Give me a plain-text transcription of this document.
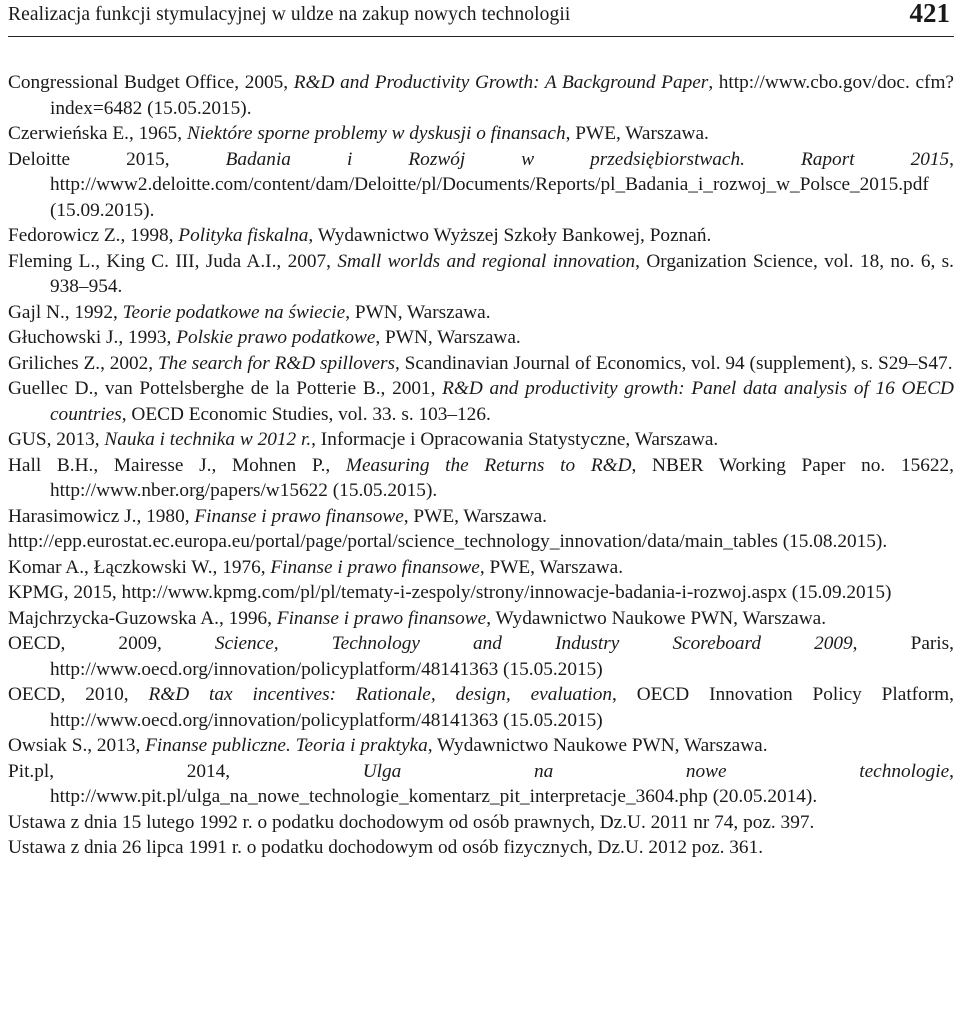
Realizacja funkcji stymulacyjnej w uldze na zakup nowych technologii	421
Congressional Budget Office, 2005, R&D and Productivity Growth: A Background Paper, http://www.cbo.gov/doc. cfm?index=6482 (15.05.2015).
Czerwieńska E., 1965, Niektóre sporne problemy w dyskusji o finansach, PWE, Warszawa.
Deloitte 2015, Badania i Rozwój w przedsiębiorstwach. Raport 2015, http://www2.deloitte.com/content/dam/Deloitte/pl/Documents/Reports/pl_Badania_i_rozwoj_w_Polsce_2015.pdf (15.09.2015).
Fedorowicz Z., 1998, Polityka fiskalna, Wydawnictwo Wyższej Szkoły Bankowej, Poznań.
Fleming L., King C. III, Juda A.I., 2007, Small worlds and regional innovation, Organization Science, vol. 18, no. 6, s. 938‒954.
Gajl N., 1992, Teorie podatkowe na świecie, PWN, Warszawa.
Głuchowski J., 1993, Polskie prawo podatkowe, PWN, Warszawa.
Griliches Z., 2002, The search for R&D spillovers, Scandinavian Journal of Economics, vol. 94 (supplement), s. S29‒S47.
Guellec D., van Pottelsberghe de la Potterie B., 2001, R&D and productivity growth: Panel data analysis of 16 OECD countries, OECD Economic Studies, vol. 33. s. 103‒126.
GUS, 2013, Nauka i technika w 2012 r., Informacje i Opracowania Statystyczne, Warszawa.
Hall B.H., Mairesse J., Mohnen P., Measuring the Returns to R&D, NBER Working Paper no. 15622, http://www.nber.org/papers/w15622 (15.05.2015).
Harasimowicz J., 1980, Finanse i prawo finansowe, PWE, Warszawa.
http://epp.eurostat.ec.europa.eu/portal/page/portal/science_technology_innovation/data/main_tables (15.08.2015).
Komar A., Łączkowski W., 1976, Finanse i prawo finansowe, PWE, Warszawa.
KPMG, 2015, http://www.kpmg.com/pl/pl/tematy-i-zespoly/strony/innowacje-badania-i-rozwoj.aspx (15.09.2015)
Majchrzycka-Guzowska A., 1996, Finanse i prawo finansowe, Wydawnictwo Naukowe PWN, Warszawa.
OECD, 2009, Science, Technology and Industry Scoreboard 2009, Paris, http://www.oecd.org/innovation/policyplatform/48141363 (15.05.2015)
OECD, 2010, R&D tax incentives: Rationale, design, evaluation, OECD Innovation Policy Platform, http://www.oecd.org/innovation/policyplatform/48141363 (15.05.2015)
Owsiak S., 2013, Finanse publiczne. Teoria i praktyka, Wydawnictwo Naukowe PWN, Warszawa.
Pit.pl, 2014, Ulga na nowe technologie, http://www.pit.pl/ulga_na_nowe_technologie_komentarz_pit_interpretacje_3604.php (20.05.2014).
Ustawa z dnia 15 lutego 1992 r. o podatku dochodowym od osób prawnych, Dz.U. 2011 nr 74, poz. 397.
Ustawa z dnia 26 lipca 1991 r. o podatku dochodowym od osób fizycznych, Dz.U. 2012 poz. 361.
